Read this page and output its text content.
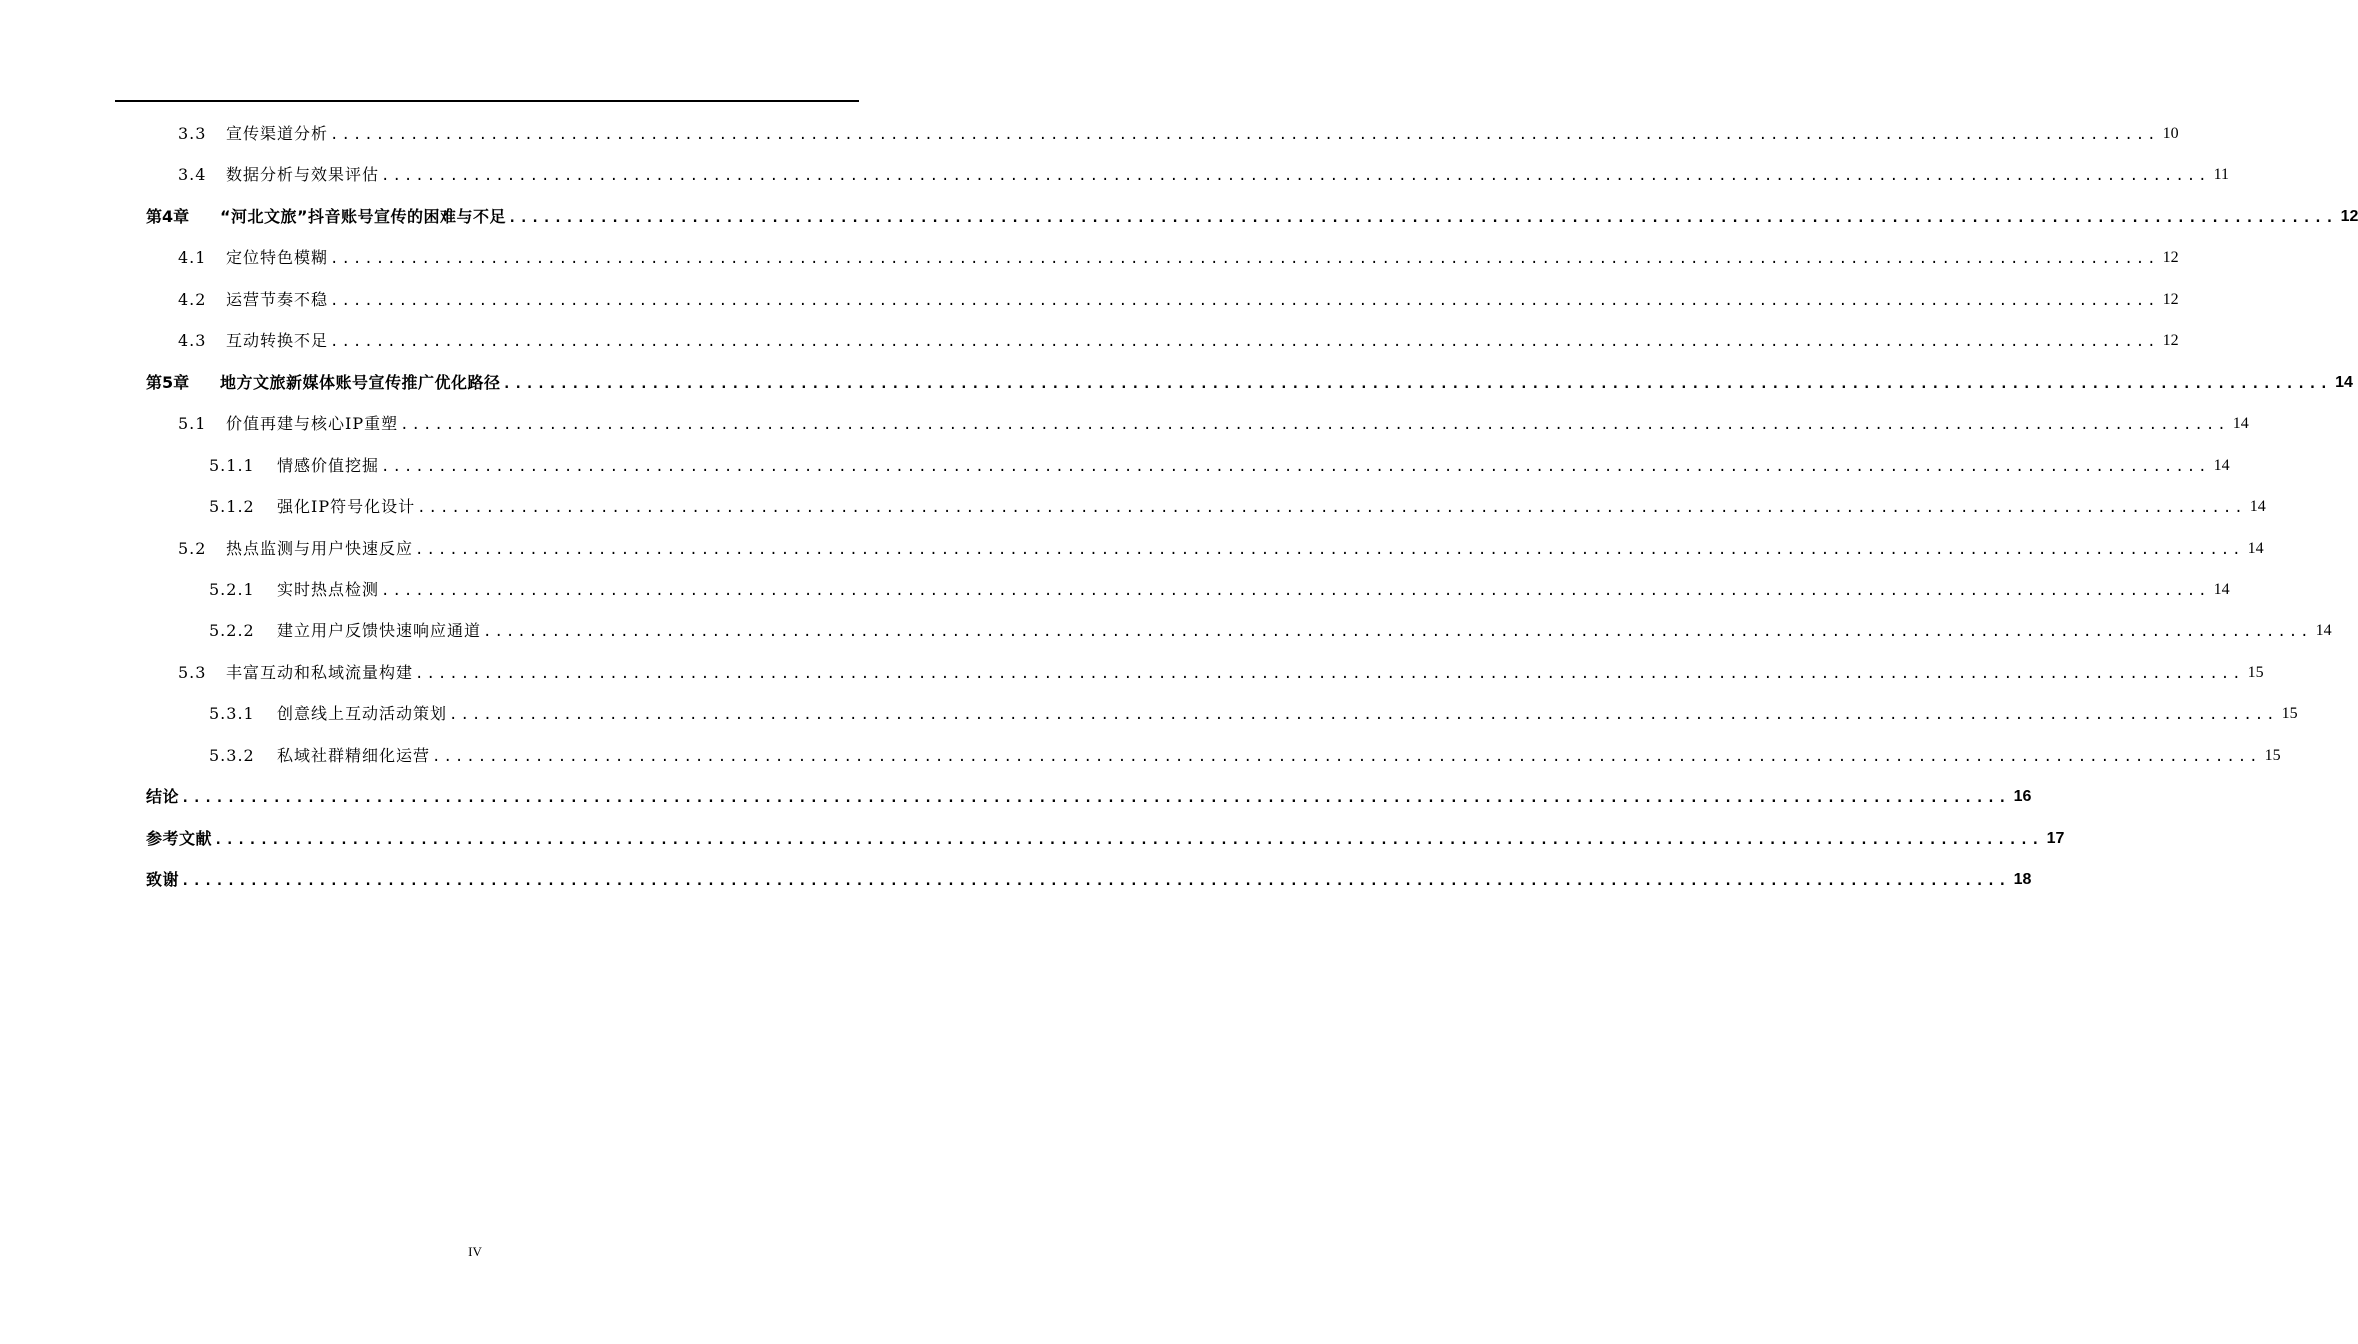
3.3	宣传渠道分析 ................................................................................................................................................................ 10
3.4	数据分析与效果评估 ................................................................................................................................................................ 11
第4章	“河北文旅”抖音账号宣传的困难与不足 ................................................................................................................................................................ 12
4.1	定位特色模糊 ................................................................................................................................................................ 12
4.2	运营节奏不稳 ................................................................................................................................................................ 12
4.3	互动转换不足 ................................................................................................................................................................ 12
第5章	地方文旅新媒体账号宣传推广优化路径 ................................................................................................................................................................ 14
5.1	价值再建与核心IP重塑 ................................................................................................................................................................ 14
5.1.1	情感价值挖掘 ................................................................................................................................................................ 14
5.1.2	强化IP符号化设计 ................................................................................................................................................................ 14
5.2	热点监测与用户快速反应 ................................................................................................................................................................ 14
5.2.1	实时热点检测 ................................................................................................................................................................ 14
5.2.2	建立用户反馈快速响应通道 ................................................................................................................................................................ 14
5.3	丰富互动和私域流量构建 ................................................................................................................................................................ 15
5.3.1	创意线上互动活动策划 ................................................................................................................................................................ 15
5.3.2	私域社群精细化运营 ................................................................................................................................................................ 15
结论 ................................................................................................................................................................ 16
参考文献 ................................................................................................................................................................ 17
致谢 ................................................................................................................................................................ 18
IV
